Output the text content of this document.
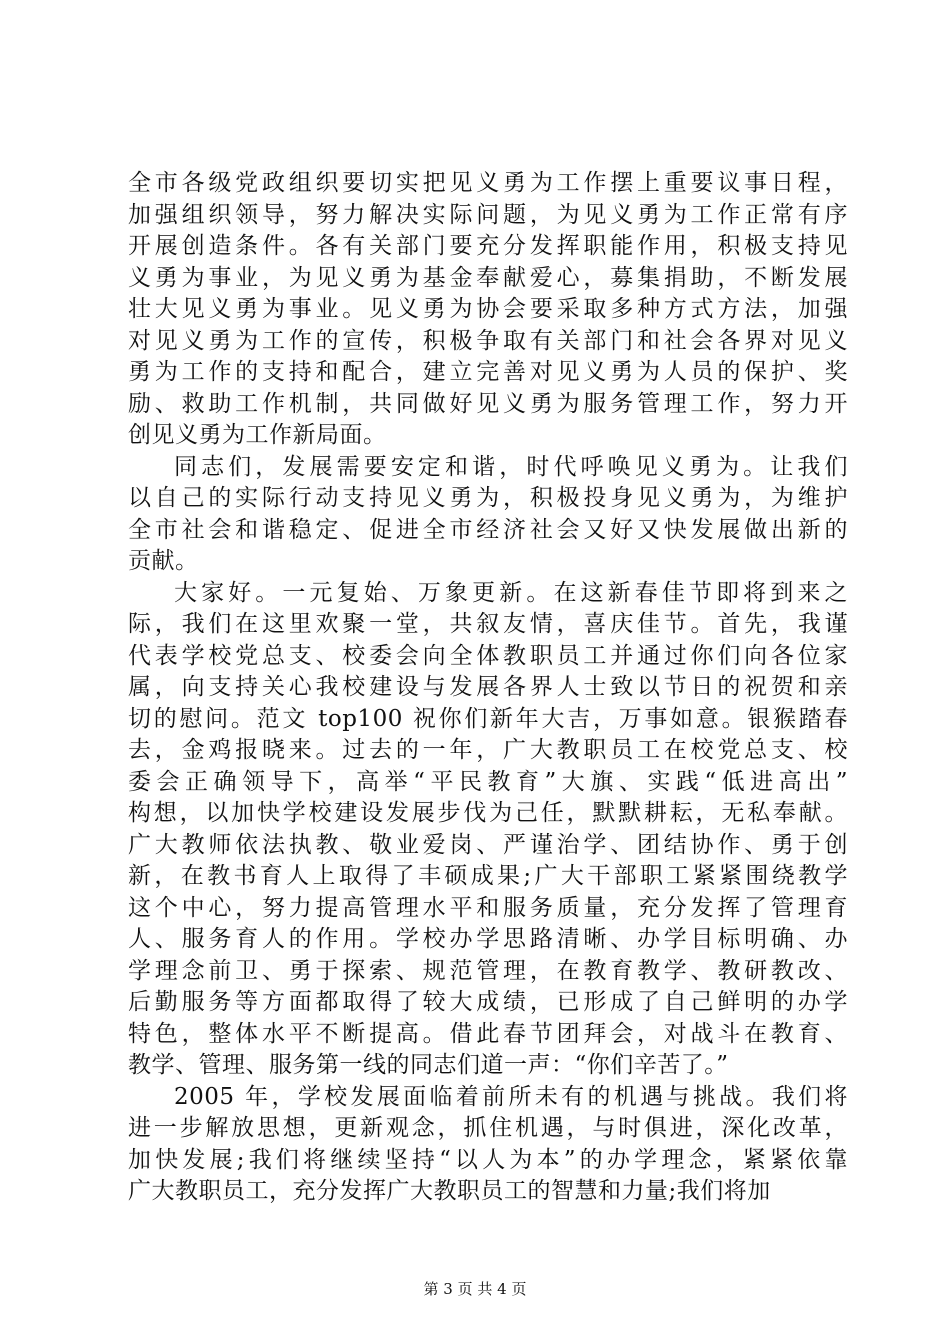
全市各级党政组织要切实把见义勇为工作摆上重要议事日程，
加强组织领导，努力解决实际问题，为见义勇为工作正常有序
开展创造条件。各有关部门要充分发挥职能作用，积极支持见
义勇为事业，为见义勇为基金奉献爱心，募集捐助，不断发展
壮大见义勇为事业。见义勇为协会要采取多种方式方法，加强
对见义勇为工作的宣传，积极争取有关部门和社会各界对见义
勇为工作的支持和配合，建立完善对见义勇为人员的保护、奖
励、救助工作机制，共同做好见义勇为服务管理工作，努力开
创见义勇为工作新局面。
同志们，发展需要安定和谐，时代呼唤见义勇为。让我们
以自己的实际行动支持见义勇为，积极投身见义勇为，为维护
全市社会和谐稳定、促进全市经济社会又好又快发展做出新的
贡献。
大家好。一元复始、万象更新。在这新春佳节即将到来之
际，我们在这里欢聚一堂，共叙友情，喜庆佳节。首先，我谨
代表学校党总支、校委会向全体教职员工并通过你们向各位家
属，向支持关心我校建设与发展各界人士致以节日的祝贺和亲
切的慰问。范文 top100 祝你们新年大吉，万事如意。银猴踏春
去，金鸡报晓来。过去的一年，广大教职员工在校党总支、校
委会正确领导下，高举“平民教育”大旗、实践“低进高出”
构想，以加快学校建设发展步伐为己任，默默耕耘，无私奉献。
广大教师依法执教、敬业爱岗、严谨治学、团结协作、勇于创
新，在教书育人上取得了丰硕成果;广大干部职工紧紧围绕教学
这个中心，努力提高管理水平和服务质量，充分发挥了管理育
人、服务育人的作用。学校办学思路清晰、办学目标明确、办
学理念前卫、勇于探索、规范管理，在教育教学、教研教改、
后勤服务等方面都取得了较大成绩，已形成了自己鲜明的办学
特色，整体水平不断提高。借此春节团拜会，对战斗在教育、
教学、管理、服务第一线的同志们道一声：“你们辛苦了。”
2005 年，学校发展面临着前所未有的机遇与挑战。我们将
进一步解放思想，更新观念，抓住机遇，与时俱进，深化改革，
加快发展;我们将继续坚持“以人为本”的办学理念，紧紧依靠
广大教职员工，充分发挥广大教职员工的智慧和力量;我们将加
第 3 页 共 4 页
